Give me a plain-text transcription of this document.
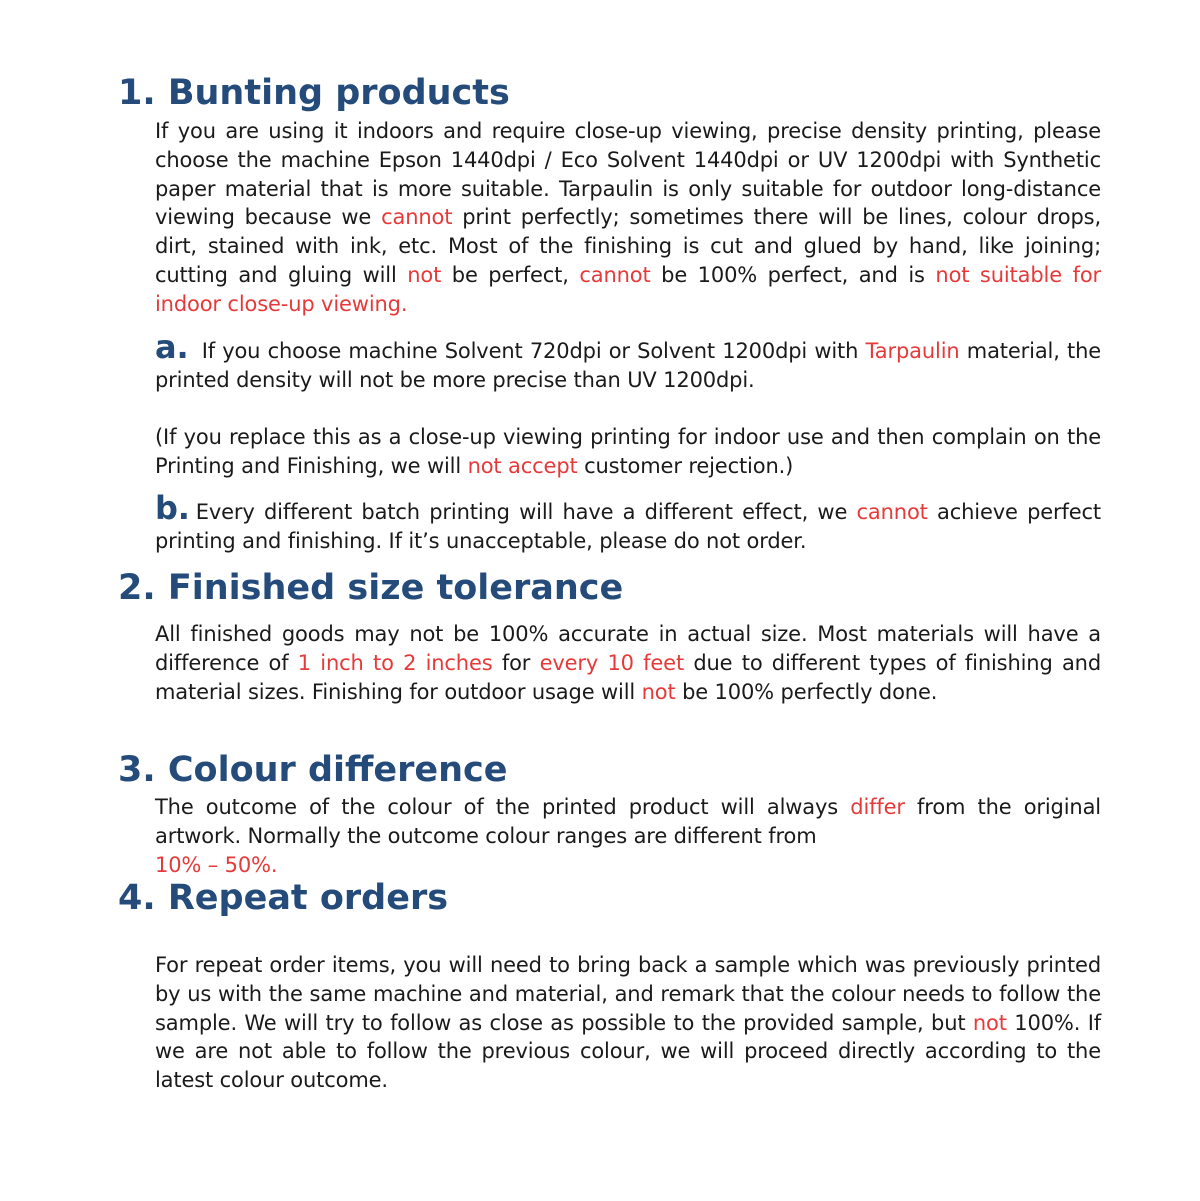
1. Bunting products

If you are using it indoors and require close-up viewing, precise density printing, please choose the machine Epson 1440dpi / Eco Solvent 1440dpi or UV 1200dpi with Synthetic paper material that is more suitable. Tarpaulin is only suitable for outdoor long-distance viewing because we cannot print perfectly; sometimes there will be lines, colour drops, dirt, stained with ink, etc. Most of the finishing is cut and glued by hand, like joining; cutting and gluing will not be perfect, cannot be 100% perfect, and is not suitable for indoor close-up viewing.

a. If you choose machine Solvent 720dpi or Solvent 1200dpi with Tarpaulin material, the printed density will not be more precise than UV 1200dpi.

(If you replace this as a close-up viewing printing for indoor use and then complain on the Printing and Finishing, we will not accept customer rejection.)

b. Every different batch printing will have a different effect, we cannot achieve perfect printing and finishing. If it’s unacceptable, please do not order.

2. Finished size tolerance

All finished goods may not be 100% accurate in actual size. Most materials will have a difference of 1 inch to 2 inches for every 10 feet due to different types of finishing and material sizes. Finishing for outdoor usage will not be 100% perfectly done.

3. Colour difference

The outcome of the colour of the printed product will always differ from the original artwork. Normally the outcome colour ranges are different from
10% – 50%.

4. Repeat orders

For repeat order items, you will need to bring back a sample which was previously printed by us with the same machine and material, and remark that the colour needs to follow the sample. We will try to follow as close as possible to the provided sample, but not 100%. If we are not able to follow the previous colour, we will proceed directly according to the latest colour outcome.
